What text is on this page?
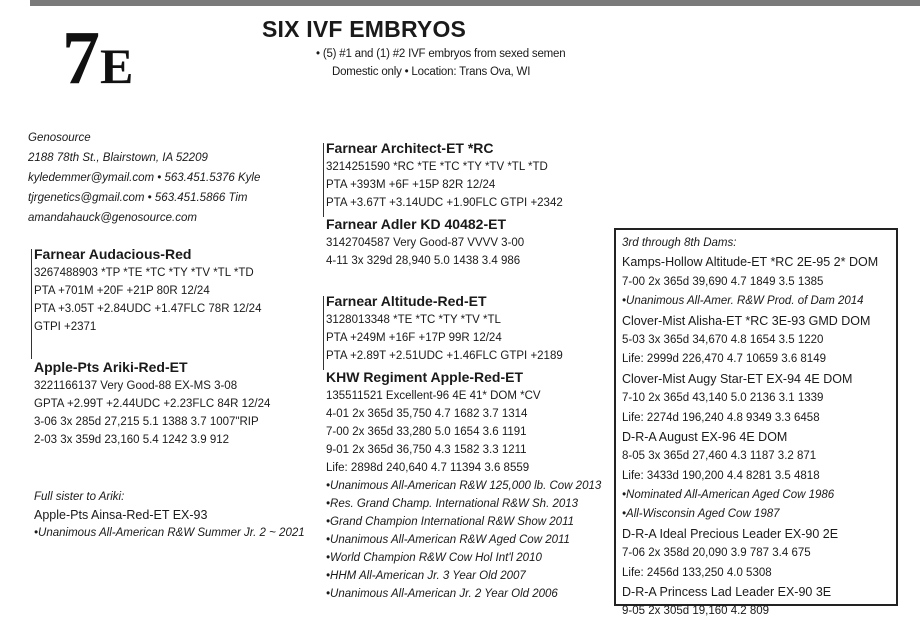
7E
SIX IVF EMBRYOS
• (5) #1 and (1) #2 IVF embryos from sexed semen
Domestic only • Location: Trans Ova, WI
Genosource
2188 78th St., Blairstown, IA 52209
kyledemmer@ymail.com • 563.451.5376 Kyle
tjrgenetics@gmail.com • 563.451.5866 Tim
amandahauck@genosource.com
Farnear Architect-ET *RC
3214251590 *RC *TE *TC *TY *TV *TL *TD
PTA +393M +6F +15P 82R 12/24
PTA +3.67T +3.14UDC +1.90FLC GTPI +2342
Farnear Adler KD 40482-ET
3142704587 Very Good-87 VVVV 3-00
4-11 3x 329d 28,940 5.0 1438 3.4 986
Farnear Altitude-Red-ET
3128013348 *TE *TC *TY *TV *TL
PTA +249M +16F +17P 99R 12/24
PTA +2.89T +2.51UDC +1.46FLC GTPI +2189
KHW Regiment Apple-Red-ET
135511521 Excellent-96 4E 41* DOM *CV
4-01 2x 365d 35,750 4.7 1682 3.7 1314
7-00 2x 365d 33,280 5.0 1654 3.6 1191
9-01 2x 365d 36,750 4.3 1582 3.3 1211
Life: 2898d 240,640 4.7 11394 3.6 8559
•Unanimous All-American R&W 125,000 lb. Cow 2013
•Res. Grand Champ. International R&W Sh. 2013
•Grand Champion International R&W Show 2011
•Unanimous All-American R&W Aged Cow 2011
•World Champion R&W Cow Hol Int'l 2010
•HHM All-American Jr. 3 Year Old 2007
•Unanimous All-American Jr. 2 Year Old 2006
Farnear Audacious-Red
3267488903 *TP *TE *TC *TY *TV *TL *TD
PTA +701M +20F +21P 80R 12/24
PTA +3.05T +2.84UDC +1.47FLC 78R 12/24
GTPI +2371
Apple-Pts Ariki-Red-ET
3221166137 Very Good-88 EX-MS 3-08
GPTA +2.99T +2.44UDC +2.23FLC 84R 12/24
3-06 3x 285d 27,215 5.1 1388 3.7 1007"RIP
2-03 3x 359d 23,160 5.4 1242 3.9 912
Full sister to Ariki:
Apple-Pts Ainsa-Red-ET EX-93
•Unanimous All-American R&W Summer Jr. 2 ~ 2021
3rd through 8th Dams:
Kamps-Hollow Altitude-ET *RC 2E-95 2* DOM
7-00 2x 365d 39,690 4.7 1849 3.5 1385
•Unanimous All-Amer. R&W Prod. of Dam 2014
Clover-Mist Alisha-ET *RC 3E-93 GMD DOM
5-03 3x 365d 34,670 4.8 1654 3.5 1220
Life: 2999d 226,470 4.7 10659 3.6 8149
Clover-Mist Augy Star-ET EX-94 4E DOM
7-10 2x 365d 43,140 5.0 2136 3.1 1339
Life: 2274d 196,240 4.8 9349 3.3 6458
D-R-A August EX-96 4E DOM
8-05 3x 365d 27,460 4.3 1187 3.2 871
Life: 3433d 190,200 4.4 8281 3.5 4818
•Nominated All-American Aged Cow 1986
•All-Wisconsin Aged Cow 1987
D-R-A Ideal Precious Leader EX-90 2E
7-06 2x 358d 20,090 3.9 787 3.4 675
Life: 2456d 133,250 4.0 5308
D-R-A Princess Lad Leader EX-90 3E
9-05 2x 305d 19,160 4.2 809
